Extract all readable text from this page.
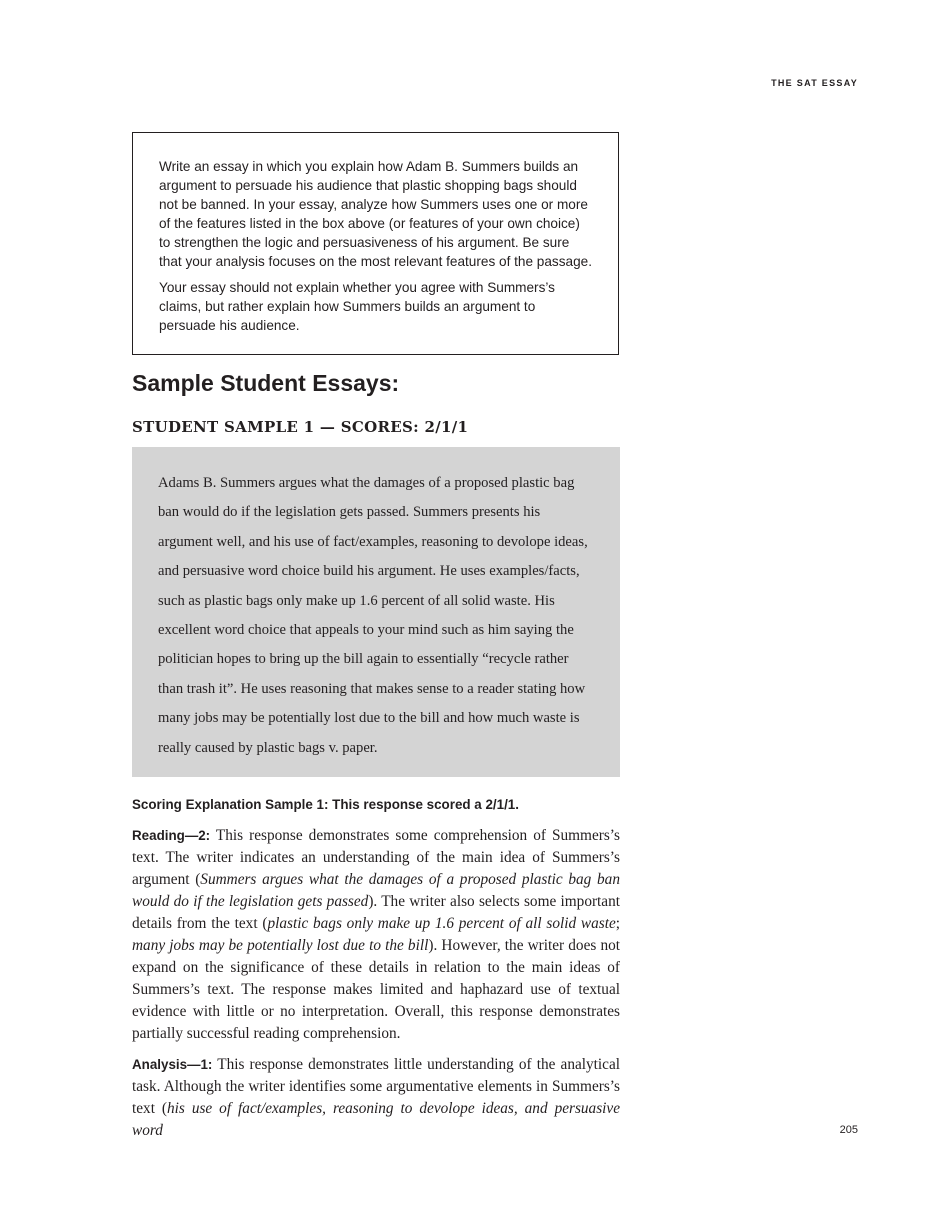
THE SAT ESSAY

Write an essay in which you explain how Adam B. Summers builds an argument to persuade his audience that plastic shopping bags should not be banned. In your essay, analyze how Summers uses one or more of the features listed in the box above (or features of your own choice) to strengthen the logic and persuasiveness of his argument. Be sure that your analysis focuses on the most relevant features of the passage.

Your essay should not explain whether you agree with Summers’s claims, but rather explain how Summers builds an argument to persuade his audience.

Sample Student Essays:
STUDENT SAMPLE 1 — SCORES: 2/1/1

Adams B. Summers argues what the damages of a proposed plastic bag ban would do if the legislation gets passed. Summers presents his argument well, and his use of fact/examples, reasoning to devolope ideas, and persuasive word choice build his argument. He uses examples/facts, such as plastic bags only make up 1.6 percent of all solid waste. His excellent word choice that appeals to your mind such as him saying the politician hopes to bring up the bill again to essentially “recycle rather than trash it”. He uses reasoning that makes sense to a reader stating how many jobs may be potentially lost due to the bill and how much waste is really caused by plastic bags v. paper.

Scoring Explanation Sample 1: This response scored a 2/1/1.

Reading—2: This response demonstrates some comprehension of Summers’s text. The writer indicates an understanding of the main idea of Summers’s argument (Summers argues what the damages of a proposed plastic bag ban would do if the legislation gets passed). The writer also selects some important details from the text (plastic bags only make up 1.6 percent of all solid waste; many jobs may be potentially lost due to the bill). However, the writer does not expand on the significance of these details in relation to the main ideas of Summers’s text. The response makes limited and haphazard use of textual evidence with little or no interpretation. Overall, this response demonstrates partially successful reading comprehension.

Analysis—1: This response demonstrates little understanding of the analytical task. Although the writer identifies some argumentative elements in Summers’s text (his use of fact/examples, reasoning to devolope ideas, and persuasive word	205
